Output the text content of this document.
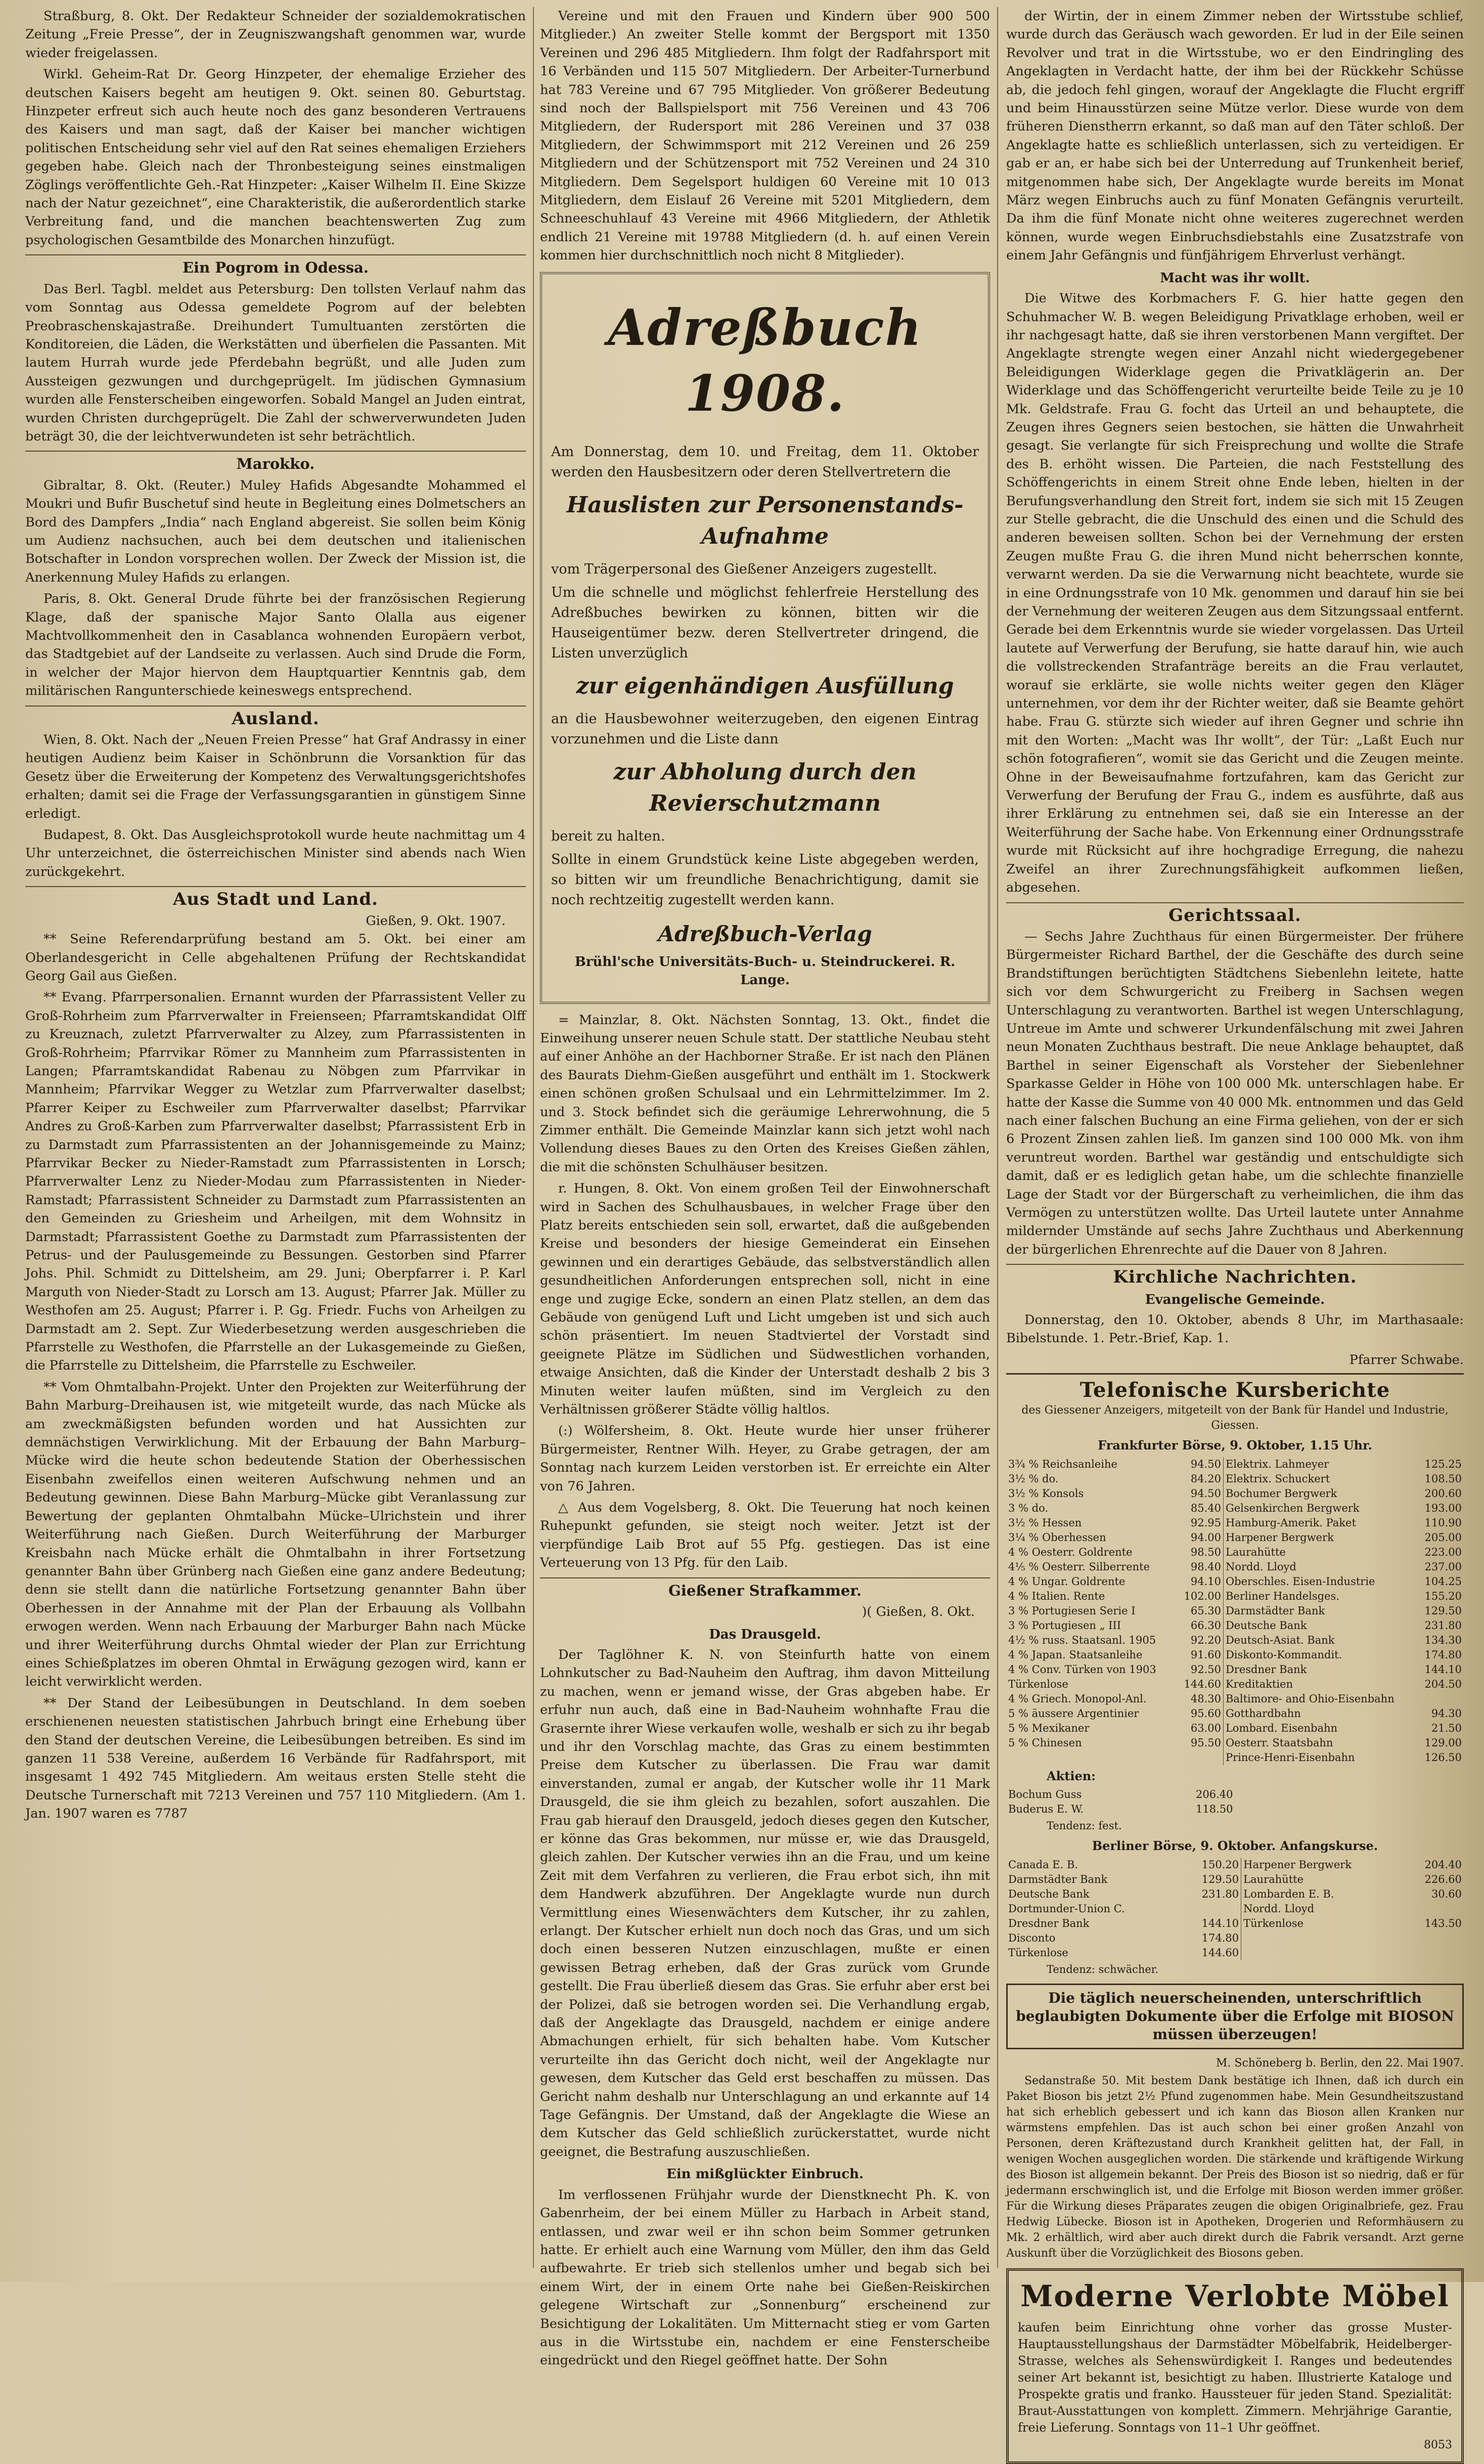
Straßburg, 8. Okt. Der Redakteur Schneider der sozialdemokratischen Zeitung „Freie Presse“, der in Zeugniszwangshaft genommen war, wurde wieder freigelassen.

Wirkl. Geheim-Rat Dr. Georg Hinzpeter, der ehemalige Erzieher des deutschen Kaisers begeht am heutigen 9. Okt. seinen 80. Geburtstag. Hinzpeter erfreut sich auch heute noch des ganz besonderen Vertrauens des Kaisers und man sagt, daß der Kaiser bei mancher wichtigen politischen Entscheidung sehr viel auf den Rat seines ehemaligen Erziehers gegeben habe. Gleich nach der Thronbesteigung seines einstmaligen Zöglings veröffentlichte Geh.-Rat Hinzpeter: „Kaiser Wilhelm II. Eine Skizze nach der Natur gezeichnet“, eine Charakteristik, die außerordentlich starke Verbreitung fand, und die manchen beachtenswerten Zug zum psychologischen Gesamtbilde des Monarchen hinzufügt.

Ein Pogrom in Odessa.

Das Berl. Tagbl. meldet aus Petersburg: Den tollsten Verlauf nahm das vom Sonntag aus Odessa gemeldete Pogrom auf der belebten Preobraschenskajastraße. Dreihundert Tumultuanten zerstörten die Konditoreien, die Läden, die Werkstätten und überfielen die Passanten. Mit lautem Hurrah wurde jede Pferdebahn begrüßt, und alle Juden zum Aussteigen gezwungen und durchgeprügelt. Im jüdischen Gymnasium wurden alle Fensterscheiben eingeworfen. Sobald Mangel an Juden eintrat, wurden Christen durchgeprügelt. Die Zahl der schwerverwundeten Juden beträgt 30, die der leichtverwundeten ist sehr beträchtlich.

Marokko.

Gibraltar, 8. Okt. (Reuter.) Muley Hafids Abgesandte Mohammed el Moukri und Bufir Buschetuf sind heute in Begleitung eines Dolmetschers an Bord des Dampfers „India“ nach England abgereist. Sie sollen beim König um Audienz nachsuchen, auch bei dem deutschen und italienischen Botschafter in London vorsprechen wollen. Der Zweck der Mission ist, die Anerkennung Muley Hafids zu erlangen.

Paris, 8. Okt. General Drude führte bei der französischen Regierung Klage, daß der spanische Major Santo Olalla aus eigener Machtvollkommenheit den in Casablanca wohnenden Europäern verbot, das Stadtgebiet auf der Landseite zu verlassen. Auch sind Drude die Form, in welcher der Major hiervon dem Hauptquartier Kenntnis gab, dem militärischen Rangunterschiede keineswegs entsprechend.

Ausland.

Wien, 8. Okt. Nach der „Neuen Freien Presse“ hat Graf Andrassy in einer heutigen Audienz beim Kaiser in Schönbrunn die Vorsanktion für das Gesetz über die Erweiterung der Kompetenz des Verwaltungsgerichtshofes erhalten; damit sei die Frage der Verfassungsgarantien in günstigem Sinne erledigt.

Budapest, 8. Okt. Das Ausgleichsprotokoll wurde heute nachmittag um 4 Uhr unterzeichnet, die österreichischen Minister sind abends nach Wien zurückgekehrt.

Aus Stadt und Land.
Gießen, 9. Okt. 1907.

** Seine Referendarprüfung bestand am 5. Okt. bei einer am Oberlandesgericht in Celle abgehaltenen Prüfung der Rechtskandidat Georg Gail aus Gießen.

** Evang. Pfarrpersonalien. Ernannt wurden der Pfarrassistent Veller zu Groß-Rohrheim zum Pfarrverwalter in Freienseen; Pfarramtskandidat Olff zu Kreuznach, zuletzt Pfarrverwalter zu Alzey, zum Pfarrassistenten in Groß-Rohrheim; Pfarrvikar Römer zu Mannheim zum Pfarrassistenten in Langen; Pfarramtskandidat Rabenau zu Nöbgen zum Pfarrvikar in Mannheim; Pfarrvikar Wegger zu Wetzlar zum Pfarrverwalter daselbst; Pfarrer Keiper zu Eschweiler zum Pfarrverwalter daselbst; Pfarrvikar Andres zu Groß-Karben zum Pfarrverwalter daselbst; Pfarrassistent Erb in zu Darmstadt zum Pfarrassistenten an der Johannisgemeinde zu Mainz; Pfarrvikar Becker zu Nieder-Ramstadt zum Pfarrassistenten in Lorsch; Pfarrverwalter Lenz zu Nieder-Modau zum Pfarrassistenten in Nieder-Ramstadt; Pfarrassistent Schneider zu Darmstadt zum Pfarrassistenten an den Gemeinden zu Griesheim und Arheilgen, mit dem Wohnsitz in Darmstadt; Pfarrassistent Goethe zu Darmstadt zum Pfarrassistenten der Petrus- und der Paulusgemeinde zu Bessungen. Gestorben sind Pfarrer Johs. Phil. Schmidt zu Dittelsheim, am 29. Juni; Oberpfarrer i. P. Karl Marguth von Nieder-Stadt zu Lorsch am 13. August; Pfarrer Jak. Müller zu Westhofen am 25. August; Pfarrer i. P. Gg. Friedr. Fuchs von Arheilgen zu Darmstadt am 2. Sept. Zur Wiederbesetzung werden ausgeschrieben die Pfarrstelle zu Westhofen, die Pfarrstelle an der Lukasgemeinde zu Gießen, die Pfarrstelle zu Dittelsheim, die Pfarrstelle zu Eschweiler.

** Vom Ohmtalbahn-Projekt. Unter den Projekten zur Weiterführung der Bahn Marburg–Dreihausen ist, wie mitgeteilt wurde, das nach Mücke als am zweckmäßigsten befunden worden und hat Aussichten zur demnächstigen Verwirklichung. Mit der Erbauung der Bahn Marburg–Mücke wird die heute schon bedeutende Station der Oberhessischen Eisenbahn zweifellos einen weiteren Aufschwung nehmen und an Bedeutung gewinnen. Diese Bahn Marburg–Mücke gibt Veranlassung zur Bewertung der geplanten Ohmtalbahn Mücke–Ulrichstein und ihrer Weiterführung nach Gießen. Durch Weiterführung der Marburger Kreisbahn nach Mücke erhält die Ohmtalbahn in ihrer Fortsetzung genannter Bahn über Grünberg nach Gießen eine ganz andere Bedeutung; denn sie stellt dann die natürliche Fortsetzung genannter Bahn über Oberhessen in der Annahme mit der Plan der Erbauung als Vollbahn erwogen werden. Wenn nach Erbauung der Marburger Bahn nach Mücke und ihrer Weiterführung durchs Ohmtal wieder der Plan zur Errichtung eines Schießplatzes im oberen Ohmtal in Erwägung gezogen wird, kann er leicht verwirklicht werden.

** Der Stand der Leibesübungen in Deutschland. In dem soeben erschienenen neuesten statistischen Jahrbuch bringt eine Erhebung über den Stand der deutschen Vereine, die Leibesübungen betreiben. Es sind im ganzen 11 538 Vereine, außerdem 16 Verbände für Radfahrsport, mit insgesamt 1 492 745 Mitgliedern. Am weitaus ersten Stelle steht die Deutsche Turnerschaft mit 7213 Vereinen und 757 110 Mitgliedern. (Am 1. Jan. 1907 waren es 7787

Vereine und mit den Frauen und Kindern über 900 500 Mitglieder.) An zweiter Stelle kommt der Bergsport mit 1350 Vereinen und 296 485 Mitgliedern. Ihm folgt der Radfahrsport mit 16 Verbänden und 115 507 Mitgliedern. Der Arbeiter-Turnerbund hat 783 Vereine und 67 795 Mitglieder. Von größerer Bedeutung sind noch der Ballspielsport mit 756 Vereinen und 43 706 Mitgliedern, der Rudersport mit 286 Vereinen und 37 038 Mitgliedern, der Schwimmsport mit 212 Vereinen und 26 259 Mitgliedern und der Schützensport mit 752 Vereinen und 24 310 Mitgliedern. Dem Segelsport huldigen 60 Vereine mit 10 013 Mitgliedern, dem Eislauf 26 Vereine mit 5201 Mitgliedern, dem Schneeschuhlauf 43 Vereine mit 4966 Mitgliedern, der Athletik endlich 21 Vereine mit 19788 Mitgliedern (d. h. auf einen Verein kommen hier durchschnittlich noch nicht 8 Mitglieder).

Adreßbuch 1908.
Am Donnerstag, dem 10. und Freitag, dem 11. Oktober werden den Hausbesitzern oder deren Stellvertretern die
Hauslisten zur Personenstands-Aufnahme
vom Trägerpersonal des Gießener Anzeigers zugestellt.
Um die schnelle und möglichst fehlerfreie Herstellung des Adreßbuches bewirken zu können, bitten wir die Hauseigentümer bezw. deren Stellvertreter dringend, die Listen unverzüglich
zur eigenhändigen Ausfüllung
an die Hausbewohner weiterzugeben, den eigenen Eintrag vorzunehmen und die Liste dann
zur Abholung durch den Revierschutzmann
bereit zu halten.
Sollte in einem Grundstück keine Liste abgegeben werden, so bitten wir um freundliche Benachrichtigung, damit sie noch rechtzeitig zugestellt werden kann.
Adreßbuch-Verlag
Brühl'sche Universitäts-Buch- u. Steindruckerei. R. Lange.

= Mainzlar, 8. Okt. Nächsten Sonntag, 13. Okt., findet die Einweihung unserer neuen Schule statt. Der stattliche Neubau steht auf einer Anhöhe an der Hachborner Straße. Er ist nach den Plänen des Baurats Diehm-Gießen ausgeführt und enthält im 1. Stockwerk einen schönen großen Schulsaal und ein Lehrmittelzimmer. Im 2. und 3. Stock befindet sich die geräumige Lehrerwohnung, die 5 Zimmer enthält. Die Gemeinde Mainzlar kann sich jetzt wohl nach Vollendung dieses Baues zu den Orten des Kreises Gießen zählen, die mit die schönsten Schulhäuser besitzen.

r. Hungen, 8. Okt. Von einem großen Teil der Einwohnerschaft wird in Sachen des Schulhausbaues, in welcher Frage über den Platz bereits entschieden sein soll, erwartet, daß die außgebenden Kreise und besonders der hiesige Gemeinderat ein Einsehen gewinnen und ein derartiges Gebäude, das selbstverständlich allen gesundheitlichen Anforderungen entsprechen soll, nicht in eine enge und zugige Ecke, sondern an einen Platz stellen, an dem das Gebäude von genügend Luft und Licht umgeben ist und sich auch schön präsentiert. Im neuen Stadtviertel der Vorstadt sind geeignete Plätze im Südlichen und Südwestlichen vorhanden, etwaige Ansichten, daß die Kinder der Unterstadt deshalb 2 bis 3 Minuten weiter laufen müßten, sind im Vergleich zu den Verhältnissen größerer Städte völlig haltlos.

(:) Wölfersheim, 8. Okt. Heute wurde hier unser früherer Bürgermeister, Rentner Wilh. Heyer, zu Grabe getragen, der am Sonntag nach kurzem Leiden verstorben ist. Er erreichte ein Alter von 76 Jahren.

△ Aus dem Vogelsberg, 8. Okt. Die Teuerung hat noch keinen Ruhepunkt gefunden, sie steigt noch weiter. Jetzt ist der vierpfündige Laib Brot auf 55 Pfg. gestiegen. Das ist eine Verteuerung von 13 Pfg. für den Laib.

Gießener Strafkammer.
)( Gießen, 8. Okt.
Das Drausgeld.

Der Taglöhner K. N. von Steinfurth hatte von einem Lohnkutscher zu Bad-Nauheim den Auftrag, ihm davon Mitteilung zu machen, wenn er jemand wisse, der Gras abgeben habe. Er erfuhr nun auch, daß eine in Bad-Nauheim wohnhafte Frau die Grasernte ihrer Wiese verkaufen wolle, weshalb er sich zu ihr begab und ihr den Vorschlag machte, das Gras zu einem bestimmten Preise dem Kutscher zu überlassen. Die Frau war damit einverstanden, zumal er angab, der Kutscher wolle ihr 11 Mark Drausgeld, die sie ihm gleich zu bezahlen, sofort auszahlen. Die Frau gab hierauf den Drausgeld, jedoch dieses gegen den Kutscher, er könne das Gras bekommen, nur müsse er, wie das Drausgeld, gleich zahlen. Der Kutscher verwies ihn an die Frau, und um keine Zeit mit dem Verfahren zu verlieren, die Frau erbot sich, ihn mit dem Handwerk abzuführen. Der Angeklagte wurde nun durch Vermittlung eines Wiesenwächters dem Kutscher, ihr zu zahlen, erlangt. Der Kutscher erhielt nun doch noch das Gras, und um sich doch einen besseren Nutzen einzuschlagen, mußte er einen gewissen Betrag erheben, daß der Gras zurück vom Grunde gestellt. Die Frau überließ diesem das Gras. Sie erfuhr aber erst bei der Polizei, daß sie betrogen worden sei. Die Verhandlung ergab, daß der Angeklagte das Drausgeld, nachdem er einige andere Abmachungen erhielt, für sich behalten habe. Vom Kutscher verurteilte ihn das Gericht doch nicht, weil der Angeklagte nur gewesen, dem Kutscher das Geld erst beschaffen zu müssen. Das Gericht nahm deshalb nur Unterschlagung an und erkannte auf 14 Tage Gefängnis. Der Umstand, daß der Angeklagte die Wiese an dem Kutscher das Geld schließlich zurückerstattet, wurde nicht geeignet, die Bestrafung auszuschließen.

Ein mißglückter Einbruch.

Im verflossenen Frühjahr wurde der Dienstknecht Ph. K. von Gabenrheim, der bei einem Müller zu Harbach in Arbeit stand, entlassen, und zwar weil er ihn schon beim Sommer getrunken hatte. Er erhielt auch eine Warnung vom Müller, den ihm das Geld aufbewahrte. Er trieb sich stellenlos umher und begab sich bei einem Wirt, der in einem Orte nahe bei Gießen-Reiskirchen gelegene Wirtschaft zur „Sonnenburg“ erscheinend zur Besichtigung der Lokalitäten. Um Mitternacht stieg er vom Garten aus in die Wirtsstube ein, nachdem er eine Fensterscheibe eingedrückt und den Riegel geöffnet hatte. Der Sohn

der Wirtin, der in einem Zimmer neben der Wirtsstube schlief, wurde durch das Geräusch wach geworden. Er lud in der Eile seinen Revolver und trat in die Wirtsstube, wo er den Eindringling des Angeklagten in Verdacht hatte, der ihm bei der Rückkehr Schüsse ab, die jedoch fehl gingen, worauf der Angeklagte die Flucht ergriff und beim Hinausstürzen seine Mütze verlor. Diese wurde von dem früheren Dienstherrn erkannt, so daß man auf den Täter schloß. Der Angeklagte hatte es schließlich unterlassen, sich zu verteidigen. Er gab er an, er habe sich bei der Unterredung auf Trunkenheit berief, mitgenommen habe sich, Der Angeklagte wurde bereits im Monat März wegen Einbruchs auch zu fünf Monaten Gefängnis verurteilt. Da ihm die fünf Monate nicht ohne weiteres zugerechnet werden können, wurde wegen Einbruchsdiebstahls eine Zusatzstrafe von einem Jahr Gefängnis und fünfjährigem Ehrverlust verhängt.

Macht was ihr wollt.

Die Witwe des Korbmachers F. G. hier hatte gegen den Schuhmacher W. B. wegen Beleidigung Privatklage erhoben, weil er ihr nachgesagt hatte, daß sie ihren verstorbenen Mann vergiftet. Der Angeklagte strengte wegen einer Anzahl nicht wiedergegebener Beleidigungen Widerklage gegen die Privatklägerin an. Der Widerklage und das Schöffengericht verurteilte beide Teile zu je 10 Mk. Geldstrafe. Frau G. focht das Urteil an und behauptete, die Zeugen ihres Gegners seien bestochen, sie hätten die Unwahrheit gesagt. Sie verlangte für sich Freisprechung und wollte die Strafe des B. erhöht wissen. Die Parteien, die nach Feststellung des Schöffengerichts in einem Streit ohne Ende leben, hielten in der Berufungsverhandlung den Streit fort, indem sie sich mit 15 Zeugen zur Stelle gebracht, die die Unschuld des einen und die Schuld des anderen beweisen sollten. Schon bei der Vernehmung der ersten Zeugen mußte Frau G. die ihren Mund nicht beherrschen konnte, verwarnt werden. Da sie die Verwarnung nicht beachtete, wurde sie in eine Ordnungsstrafe von 10 Mk. genommen und darauf hin sie bei der Vernehmung der weiteren Zeugen aus dem Sitzungssaal entfernt. Gerade bei dem Erkenntnis wurde sie wieder vorgelassen. Das Urteil lautete auf Verwerfung der Berufung, sie hatte darauf hin, wie auch die vollstreckenden Strafanträge bereits an die Frau verlautet, worauf sie erklärte, sie wolle nichts weiter gegen den Kläger unternehmen, vor dem ihr der Richter weiter, daß sie Beamte gehört habe. Frau G. stürzte sich wieder auf ihren Gegner und schrie ihn mit den Worten: „Macht was Ihr wollt“, der Tür: „Laßt Euch nur schön fotografieren“, womit sie das Gericht und die Zeugen meinte. Ohne in der Beweisaufnahme fortzufahren, kam das Gericht zur Verwerfung der Berufung der Frau G., indem es ausführte, daß aus ihrer Erklärung zu entnehmen sei, daß sie ein Interesse an der Weiterführung der Sache habe. Von Erkennung einer Ordnungsstrafe wurde mit Rücksicht auf ihre hochgradige Erregung, die nahezu Zweifel an ihrer Zurechnungsfähigkeit aufkommen ließen, abgesehen.

Gerichtssaal.

— Sechs Jahre Zuchthaus für einen Bürgermeister. Der frühere Bürgermeister Richard Barthel, der die Geschäfte des durch seine Brandstiftungen berüchtigten Städtchens Siebenlehn leitete, hatte sich vor dem Schwurgericht zu Freiberg in Sachsen wegen Unterschlagung zu verantworten. Barthel ist wegen Unterschlagung, Untreue im Amte und schwerer Urkundenfälschung mit zwei Jahren neun Monaten Zuchthaus bestraft. Die neue Anklage behauptet, daß Barthel in seiner Eigenschaft als Vorsteher der Siebenlehner Sparkasse Gelder in Höhe von 100 000 Mk. unterschlagen habe. Er hatte der Kasse die Summe von 40 000 Mk. entnommen und das Geld nach einer falschen Buchung an eine Firma geliehen, von der er sich 6 Prozent Zinsen zahlen ließ. Im ganzen sind 100 000 Mk. von ihm veruntreut worden. Barthel war geständig und entschuldigte sich damit, daß er es lediglich getan habe, um die schlechte finanzielle Lage der Stadt vor der Bürgerschaft zu verheimlichen, die ihm das Vermögen zu unterstützen wollte. Das Urteil lautete unter Annahme mildernder Umstände auf sechs Jahre Zuchthaus und Aberkennung der bürgerlichen Ehrenrechte auf die Dauer von 8 Jahren.

Kirchliche Nachrichten.
Evangelische Gemeinde.

Donnerstag, den 10. Oktober, abends 8 Uhr, im Marthasaale: Bibelstunde. 1. Petr.-Brief, Kap. 1.

Pfarrer Schwabe.
Telefonische Kursberichte
des Giessener Anzeigers, mitgeteilt von der Bank für Handel und Industrie, Giessen.
Frankfurter Börse, 9. Oktober, 1.15 Uhr.
3¾ % Reichsanleihe	94.50	Elektrix. Lahmeyer	125.25
3½ % do.	84.20	Elektrix. Schuckert	108.50
3½ % Konsols	94.50	Bochumer Bergwerk	200.60
3 % do.	85.40	Gelsenkirchen Bergwerk	193.00
3½ % Hessen	92.95	Hamburg-Amerik. Paket	110.90
3¼ % Oberhessen	94.00	Harpener Bergwerk	205.00
4 % Oesterr. Goldrente	98.50	Laurahütte	223.00
4⅕ % Oesterr. Silberrente	98.40	Nordd. Lloyd	237.00
4 % Ungar. Goldrente	94.10	Oberschles. Eisen-Industrie	104.25
4 % Italien. Rente	102.00	Berliner Handelsges.	155.20
3 % Portugiesen Serie I	65.30	Darmstädter Bank	129.50
3 % Portugiesen „ III	66.30	Deutsche Bank	231.80
4½ % russ. Staatsanl. 1905	92.20	Deutsch-Asiat. Bank	134.30
4 % Japan. Staatsanleihe	91.60	Diskonto-Kommandit.	174.80
4 % Conv. Türken von 1903	92.50	Dresdner Bank	144.10
Türkenlose	144.60	Kreditaktien	204.50
4 % Griech. Monopol-Anl.	48.30	Baltimore- and Ohio-Eisenbahn	
5 % äussere Argentinier	95.60	Gotthardbahn	94.30
5 % Mexikaner	63.00	Lombard. Eisenbahn	21.50
5 % Chinesen	95.50	Oesterr. Staatsbahn	129.00
		Prince-Henri-Eisenbahn	126.50
Aktien:
Bochum Guss	206.40
Buderus E. W.	118.50
Tendenz: fest.
Berliner Börse, 9. Oktober. Anfangskurse.
Canada E. B.	150.20	Harpener Bergwerk	204.40
Darmstädter Bank	129.50	Laurahütte	226.60
Deutsche Bank	231.80	Lombarden E. B.	30.60
Dortmunder-Union C.		Nordd. Lloyd	
Dresdner Bank	144.10	Türkenlose	143.50
Disconto	174.80		
Türkenlose	144.60		
Tendenz: schwächer.
Die täglich neuerscheinenden, unterschriftlich beglaubigten Dokumente über die Erfolge mit BIOSON müssen überzeugen!
M. Schöneberg b. Berlin, den 22. Mai 1907.

Sedanstraße 50. Mit bestem Dank bestätige ich Ihnen, daß ich durch ein Paket Bioson bis jetzt 2½ Pfund zugenommen habe. Mein Gesundheitszustand hat sich erheblich gebessert und ich kann das Bioson allen Kranken nur wärmstens empfehlen. Das ist auch schon bei einer großen Anzahl von Personen, deren Kräftezustand durch Krankheit gelitten hat, der Fall, in wenigen Wochen ausgeglichen worden. Die stärkende und kräftigende Wirkung des Bioson ist allgemein bekannt. Der Preis des Bioson ist so niedrig, daß er für jedermann erschwinglich ist, und die Erfolge mit Bioson werden immer größer. Für die Wirkung dieses Präparates zeugen die obigen Originalbriefe, gez. Frau Hedwig Lübecke. Bioson ist in Apotheken, Drogerien und Reformhäusern zu Mk. 2 erhältlich, wird aber auch direkt durch die Fabrik versandt. Arzt gerne Auskunft über die Vorzüglichkeit des Biosons geben.

Moderne Verlobte Möbel
kaufen beim Einrichtung ohne vorher das grosse Muster-Hauptausstellungshaus der Darmstädter Möbelfabrik, Heidelberger-Strasse, welches als Sehenswürdigkeit I. Ranges und bedeutendes seiner Art bekannt ist, besichtigt zu haben. Illustrierte Kataloge und Prospekte gratis und franko. Haussteuer für jeden Stand. Spezialität: Braut-Ausstattungen von komplett. Zimmern. Mehrjährige Garantie, freie Lieferung. Sonntags von 11–1 Uhr geöffnet.
8053
